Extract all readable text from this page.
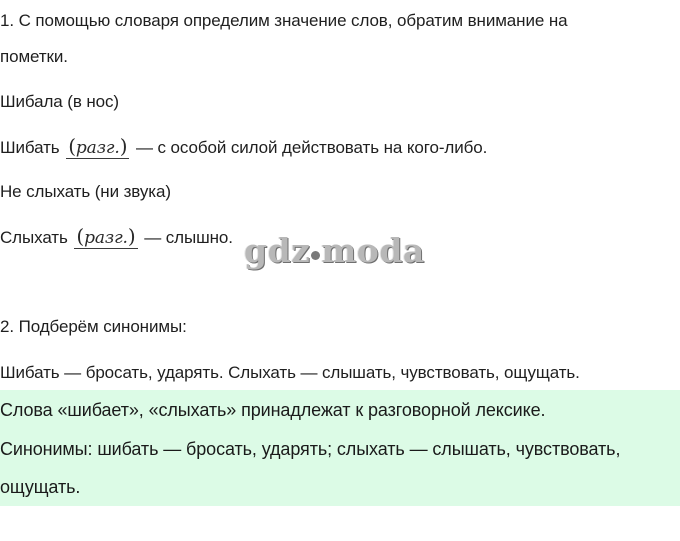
1. С помощью словаря определим значение слов, обратим внимание на
пометки.
Шибала (в нос)
Шибать (разг.) — с особой силой действовать на кого-либо.
Не слыхать (ни звука)
Слыхать (разг.) — слышно. gdz moda
2. Подберём синонимы:
Шибать — бросать, ударять. Слыхать — слышать, чувствовать, ощущать.
Слова «шибает», «слыхать» принадлежат к разговорной лексике.
Синонимы: шибать — бросать, ударять; слыхать — слышать, чувствовать,
ощущать.
